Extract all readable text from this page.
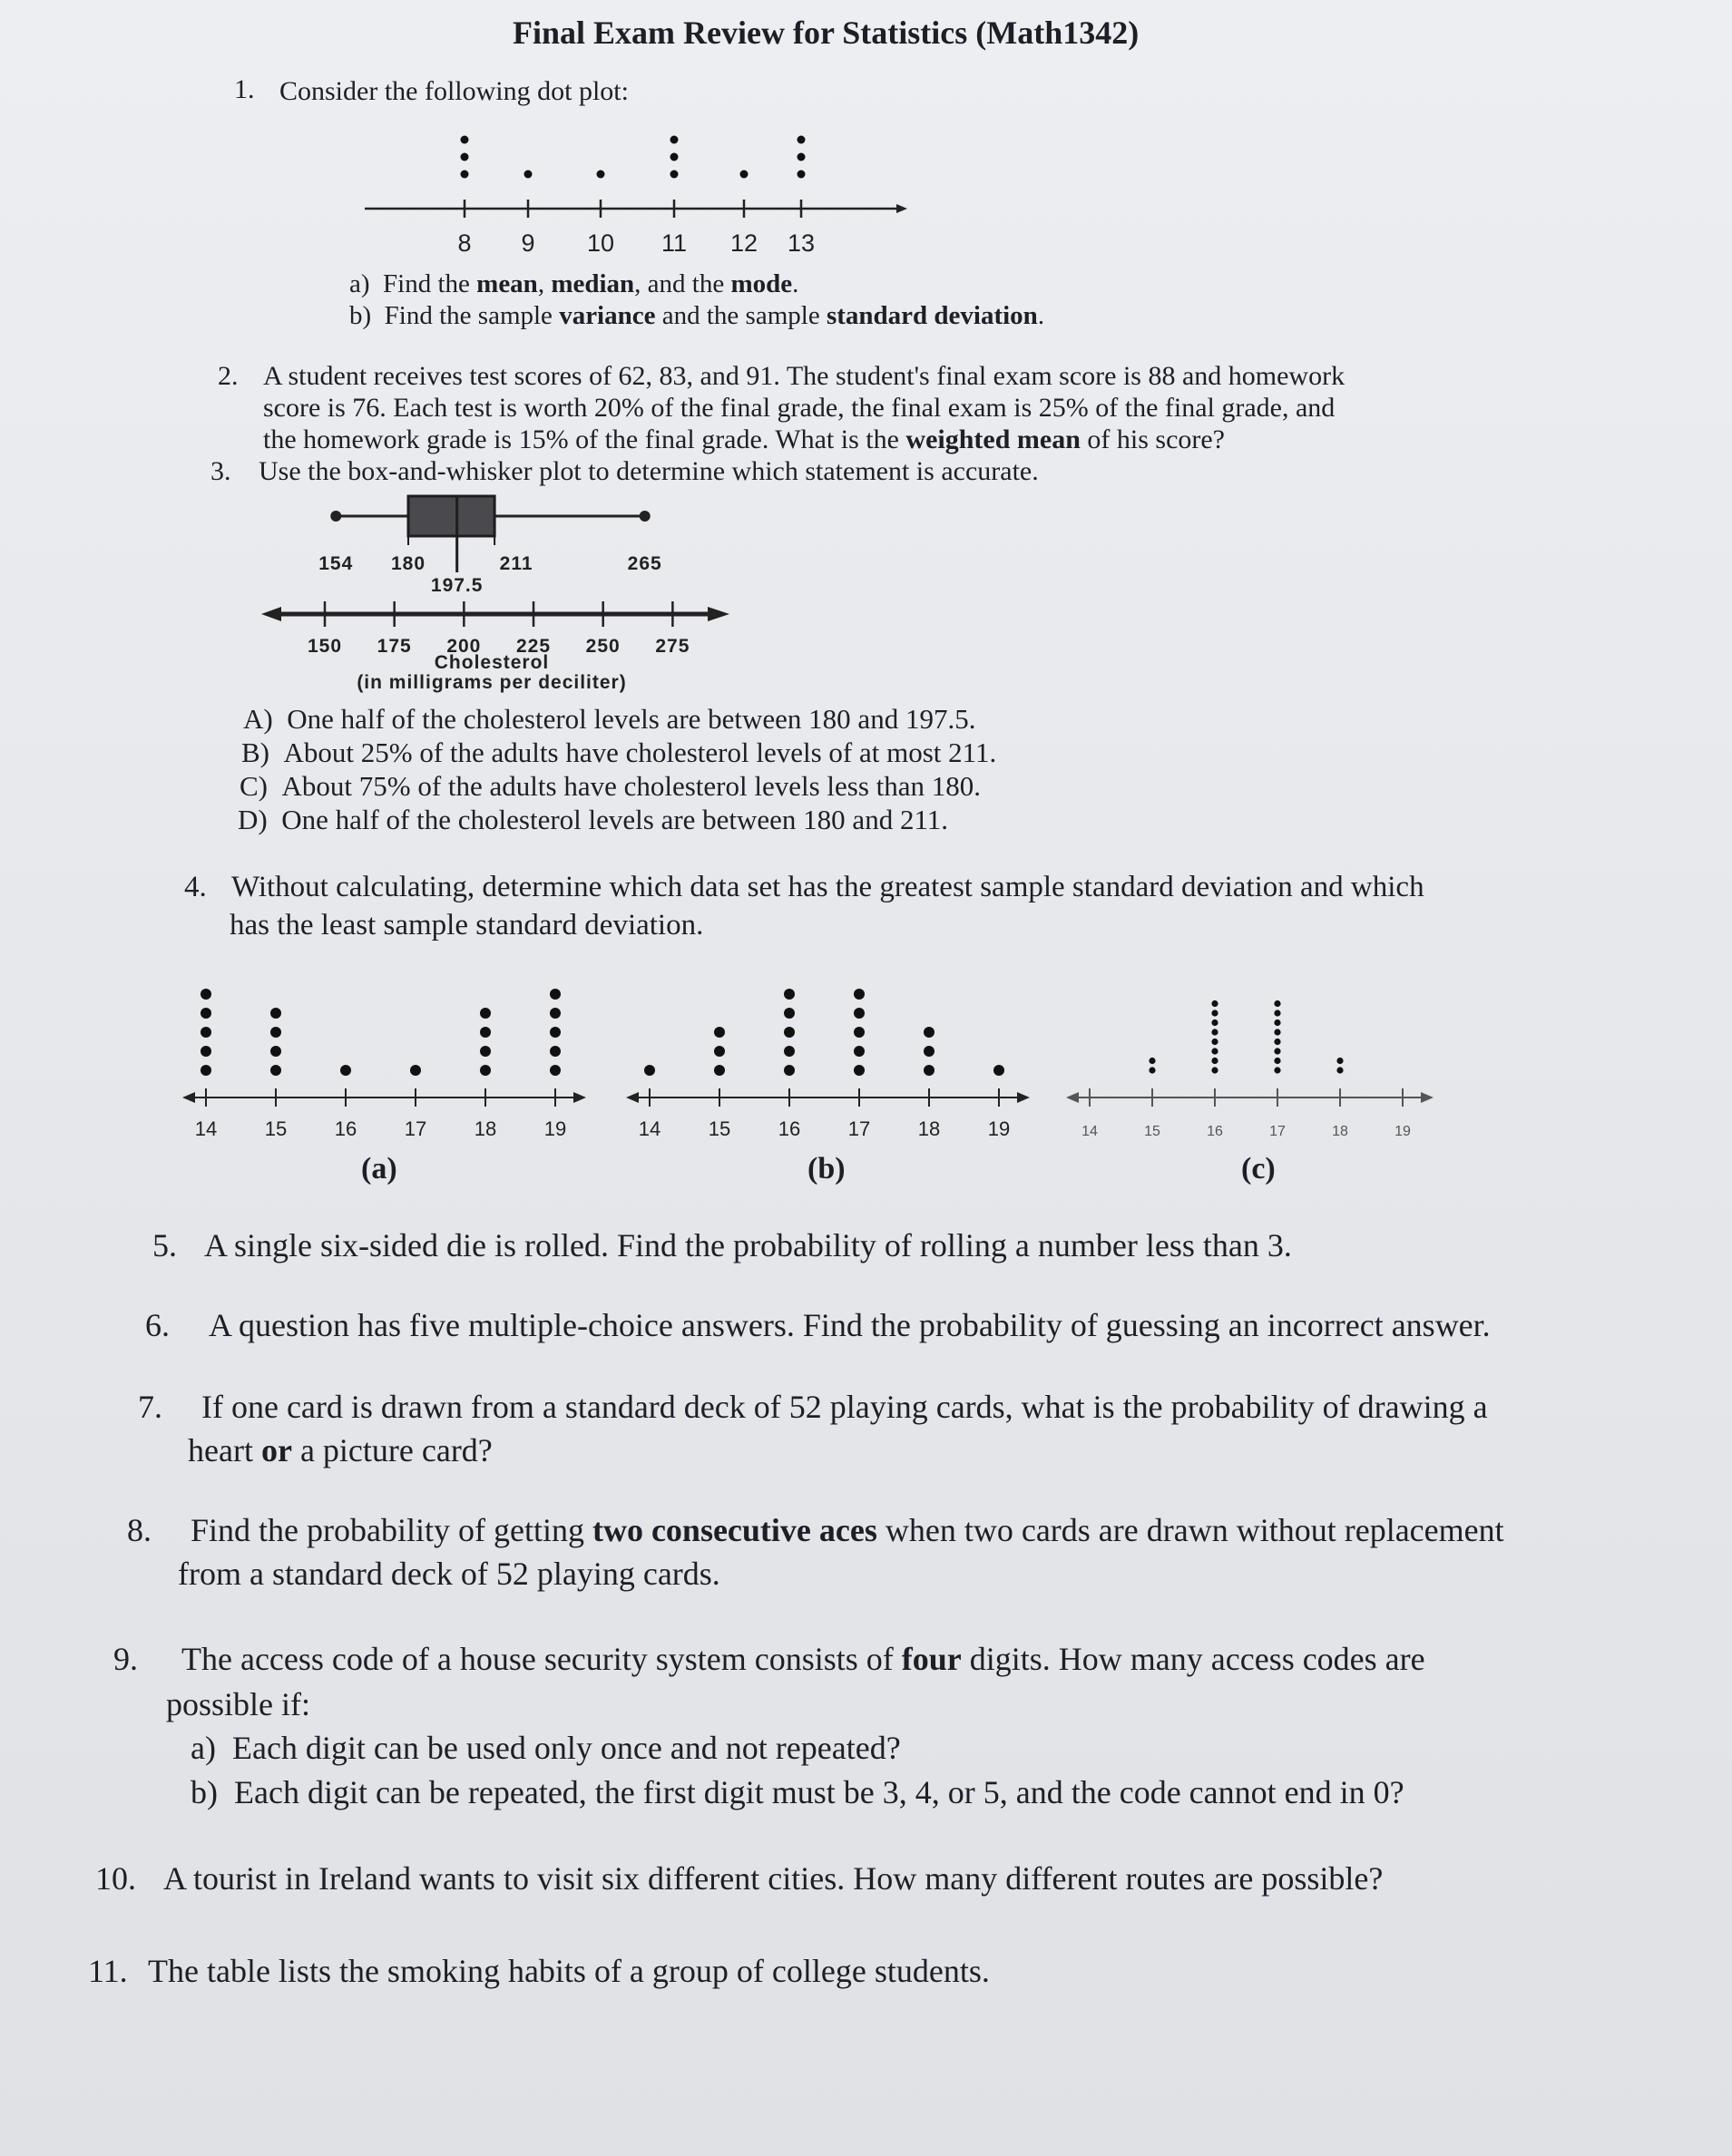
Final Exam Review for Statistics (Math1342)
1. Consider the following dot plot:
8 9 10 11 12 13
a) Find the mean, median, and the mode.
b) Find the sample variance and the sample standard deviation.
2. A student receives test scores of 62, 83, and 91. The student's final exam score is 88 and homework
score is 76. Each test is worth 20% of the final grade, the final exam is 25% of the final grade, and
the homework grade is 15% of the final grade. What is the weighted mean of his score?
3. Use the box-and-whisker plot to determine which statement is accurate.
154 180
197.5
211	265
150 175 200 225 250 275
Cholesterol
(in milligrams per deciliter)
A) One half of the cholesterol levels are between 180 and 197.5.
B) About 25% of the adults have cholesterol levels of at most 211.
C) About 75% of the adults have cholesterol levels less than 180.
D) One half of the cholesterol levels are between 180 and 211.
4. Without calculating, determine which data set has the greatest sample standard deviation and which
has the least sample standard deviation.
14 15 16 17 18 19	14 15 16 17 18 19	14	15	16	17	18	19
(a)	(b)	(c)
5. A single six-sided die is rolled. Find the probability of rolling a number less than 3.
6. A question has five multiple-choice answers. Find the probability of guessing an incorrect answer.
7. If one card is drawn from a standard deck of 52 playing cards, what is the probability of drawing a
heart or a picture card?
8. Find the probability of getting two consecutive aces when two cards are drawn without replacement
from a standard deck of 52 playing cards.
9. The access code of a house security system consists of four digits. How many access codes are
possible if:
a) Each digit can be used only once and not repeated?
b) Each digit can be repeated, the first digit must be 3, 4, or 5, and the code cannot end in 0?
10. A tourist in Ireland wants to visit six different cities. How many different routes are possible?
11. The table lists the smoking habits of a group of college students.
